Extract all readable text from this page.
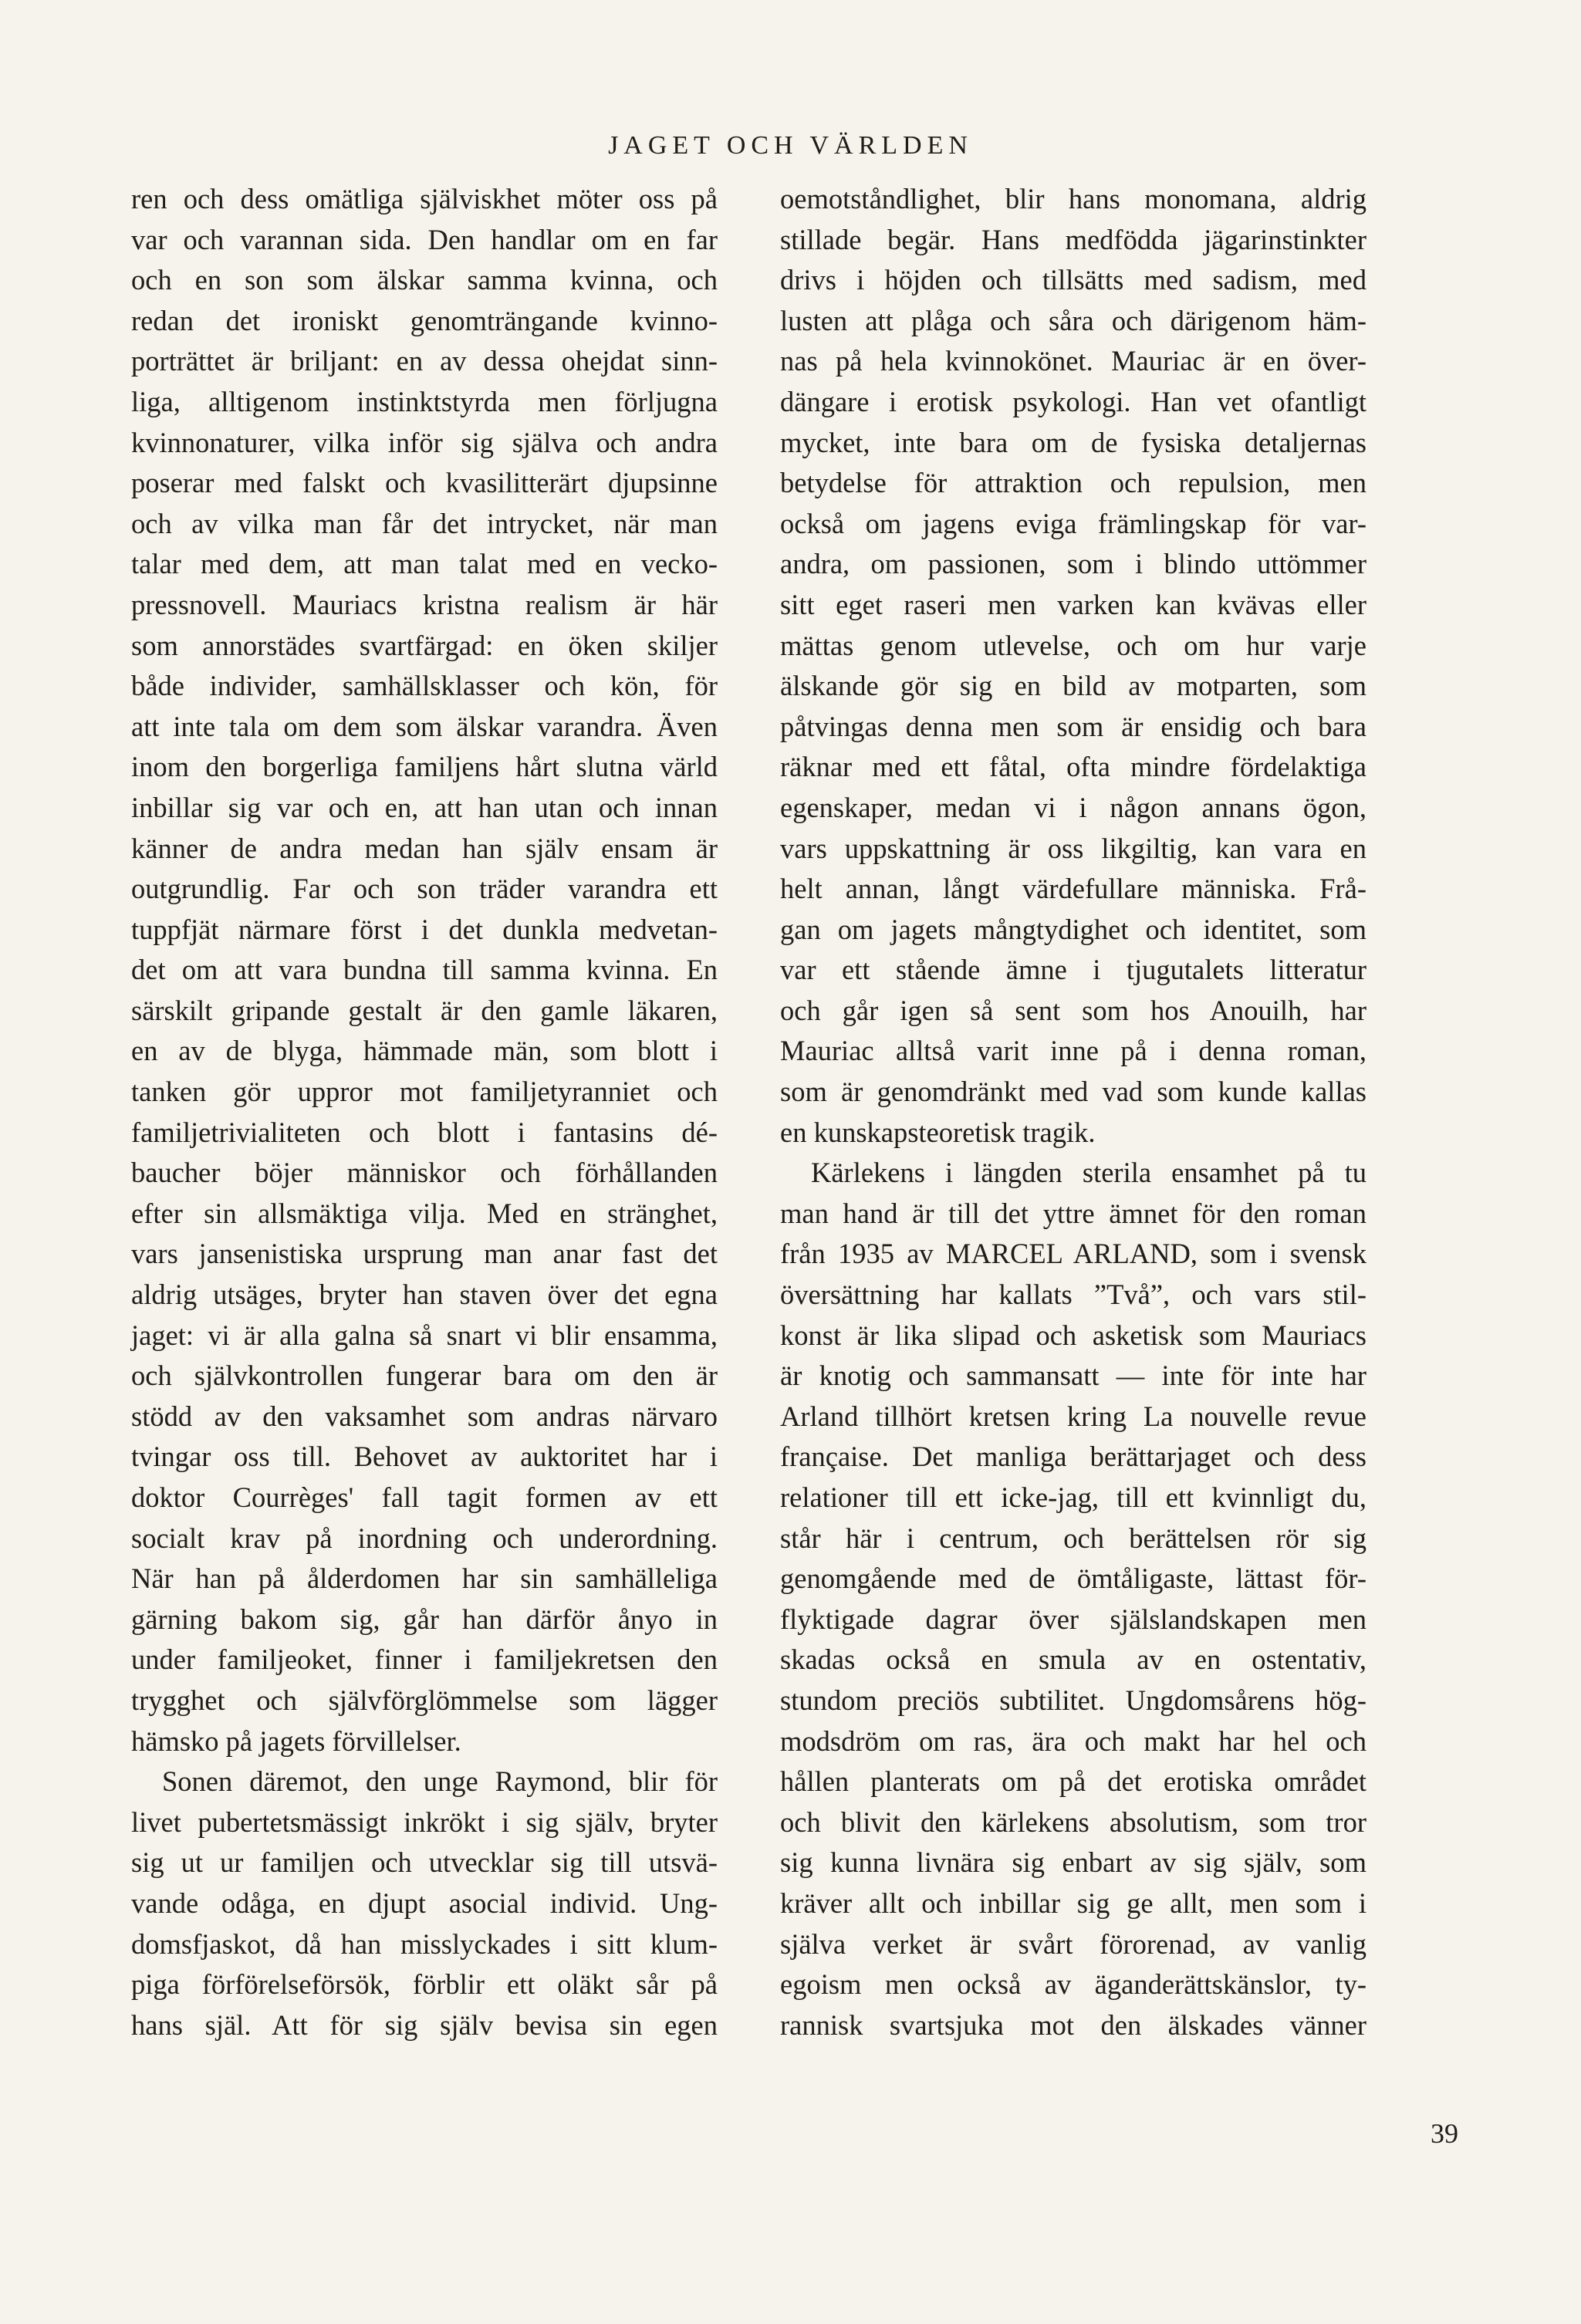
JAGET OCH VÄRLDEN
ren och dess omätliga själviskhet möter oss på
var och varannan sida. Den handlar om en far
och en son som älskar samma kvinna, och
redan det ironiskt genomträngande kvinno-
porträttet är briljant: en av dessa ohejdat sinn-
liga, alltigenom instinktstyrda men förljugna
kvinnonaturer, vilka inför sig själva och andra
poserar med falskt och kvasilitterärt djupsinne
och av vilka man får det intrycket, när man
talar med dem, att man talat med en vecko-
pressnovell. Mauriacs kristna realism är här
som annorstädes svartfärgad: en öken skiljer
både individer, samhällsklasser och kön, för
att inte tala om dem som älskar varandra. Även
inom den borgerliga familjens hårt slutna värld
inbillar sig var och en, att han utan och innan
känner de andra medan han själv ensam är
outgrundlig. Far och son träder varandra ett
tuppfjät närmare först i det dunkla medvetan-
det om att vara bundna till samma kvinna. En
särskilt gripande gestalt är den gamle läkaren,
en av de blyga, hämmade män, som blott i
tanken gör uppror mot familjetyranniet och
familjetrivialiteten och blott i fantasins dé-
baucher böjer människor och förhållanden
efter sin allsmäktiga vilja. Med en stränghet,
vars jansenistiska ursprung man anar fast det
aldrig utsäges, bryter han staven över det egna
jaget: vi är alla galna så snart vi blir ensamma,
och självkontrollen fungerar bara om den är
stödd av den vaksamhet som andras närvaro
tvingar oss till. Behovet av auktoritet har i
doktor Courrèges' fall tagit formen av ett
socialt krav på inordning och underordning.
När han på ålderdomen har sin samhälleliga
gärning bakom sig, går han därför ånyo in
under familjeoket, finner i familjekretsen den
trygghet och självförglömmelse som lägger
hämsko på jagets förvillelser.
Sonen däremot, den unge Raymond, blir för
livet pubertetsmässigt inkrökt i sig själv, bryter
sig ut ur familjen och utvecklar sig till utsvä-
vande odåga, en djupt asocial individ. Ung-
domsfjaskot, då han misslyckades i sitt klum-
piga förförelseförsök, förblir ett oläkt sår på
hans själ. Att för sig själv bevisa sin egen
oemotståndlighet, blir hans monomana, aldrig
stillade begär. Hans medfödda jägarinstinkter
drivs i höjden och tillsätts med sadism, med
lusten att plåga och såra och därigenom häm-
nas på hela kvinnokönet. Mauriac är en över-
dängare i erotisk psykologi. Han vet ofantligt
mycket, inte bara om de fysiska detaljernas
betydelse för attraktion och repulsion, men
också om jagens eviga främlingskap för var-
andra, om passionen, som i blindo uttömmer
sitt eget raseri men varken kan kvävas eller
mättas genom utlevelse, och om hur varje
älskande gör sig en bild av motparten, som
påtvingas denna men som är ensidig och bara
räknar med ett fåtal, ofta mindre fördelaktiga
egenskaper, medan vi i någon annans ögon,
vars uppskattning är oss likgiltig, kan vara en
helt annan, långt värdefullare människa. Frå-
gan om jagets mångtydighet och identitet, som
var ett stående ämne i tjugutalets litteratur
och går igen så sent som hos Anouilh, har
Mauriac alltså varit inne på i denna roman,
som är genomdränkt med vad som kunde kallas
en kunskapsteoretisk tragik.
Kärlekens i längden sterila ensamhet på tu
man hand är till det yttre ämnet för den roman
från 1935 av MARCEL ARLAND, som i svensk
översättning har kallats ”Två”, och vars stil-
konst är lika slipad och asketisk som Mauriacs
är knotig och sammansatt — inte för inte har
Arland tillhört kretsen kring La nouvelle revue
française. Det manliga berättarjaget och dess
relationer till ett icke-jag, till ett kvinnligt du,
står här i centrum, och berättelsen rör sig
genomgående med de ömtåligaste, lättast för-
flyktigade dagrar över själslandskapen men
skadas också en smula av en ostentativ,
stundom preciös subtilitet. Ungdomsårens hög-
modsdröm om ras, ära och makt har hel och
hållen planterats om på det erotiska området
och blivit den kärlekens absolutism, som tror
sig kunna livnära sig enbart av sig själv, som
kräver allt och inbillar sig ge allt, men som i
själva verket är svårt förorenad, av vanlig
egoism men också av äganderättskänslor, ty-
rannisk svartsjuka mot den älskades vänner
39
